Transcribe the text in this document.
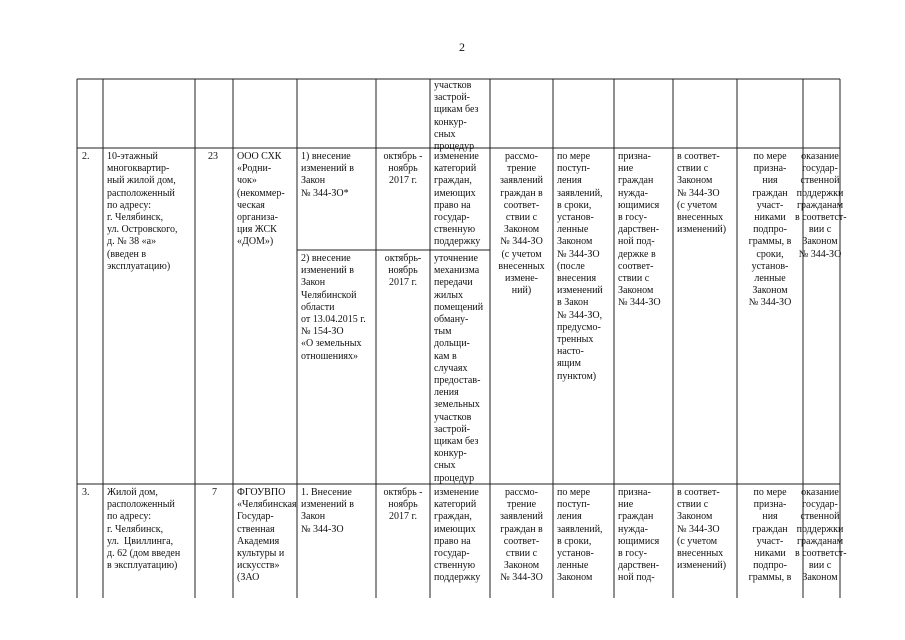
2
участков
застрой-
щикам без
конкур-
сных
процедур
2. 10-этажный
многоквартир-
ный жилой дом,
расположенный
по адресу:
г. Челябинск,
ул. Островского,
д. № 38 «а»
(введен в
эксплуатацию)
23 ООО СХК
«Родни-
чок»
(некоммер-
ческая
организа-
ция ЖСК
«ДОМ»)
1) внесение
изменений в
Закон
№ 344-ЗО*
октябрь -
ноябрь
2017 г.
изменение
категорий
граждан,
имеющих
право на
государ-
ственную
поддержку
2) внесение
изменений в
Закон
Челябинской
области
от 13.04.2015 г.
№ 154-ЗО
«О земельных
отношениях»
октябрь-
ноябрь
2017 г.
уточнение
механизма
передачи
жилых
помещений
обману-
тым
дольщи-
кам в
случаях
предостав-
ления
земельных
участков
застрой-
щикам без
конкур-
сных
процедур
рассмо-
трение
заявлений
граждан в
соответ-
ствии с
Законом
№ 344-ЗО
(с учетом
внесенных
измене-
ний)
по мере
поступ-
ления
заявлений,
в сроки,
установ-
ленные
Законом
№ 344-ЗО
(после
внесения
изменений
в Закон
№ 344-ЗО,
предусмо-
тренных
насто-
ящим
пунктом)
призна-
ние
граждан
нужда-
ющимися
в госу-
дарствен-
ной под-
держке в
соответ-
ствии с
Законом
№ 344-ЗО
в соответ-
ствии с
Законом
№ 344-ЗО
(с учетом
внесенных
изменений)
по мере
призна-
ния
граждан
участ-
никами
подпро-
граммы, в
сроки,
установ-
ленные
Законом
№ 344-ЗО
оказание
государ-
ственной
поддержки
гражданам
в соответст-
вии с
Законом
№ 344-ЗО
3. Жилой дом,
расположенный
по адресу:
г. Челябинск,
ул.  Цвиллинга,
д. 62 (дом введен
в эксплуатацию)
7 ФГОУВПО
«Челябинская
Государ-
ственная
Академия
культуры и
искусств»
(ЗАО
1. Внесение
изменений в
Закон
№ 344-ЗО
октябрь -
ноябрь
2017 г.
изменение
категорий
граждан,
имеющих
право на
государ-
ственную
поддержку
рассмо-
трение
заявлений
граждан в
соответ-
ствии с
Законом
№ 344-ЗО
по мере
поступ-
ления
заявлений,
в сроки,
установ-
ленные
Законом
призна-
ние
граждан
нужда-
ющимися
в госу-
дарствен-
ной под-
в соответ-
ствии с
Законом
№ 344-ЗО
(с учетом
внесенных
изменений)
по мере
призна-
ния
граждан
участ-
никами
подпро-
граммы, в
оказание
государ-
ственной
поддержки
гражданам
в соответст-
вии с
Законом
